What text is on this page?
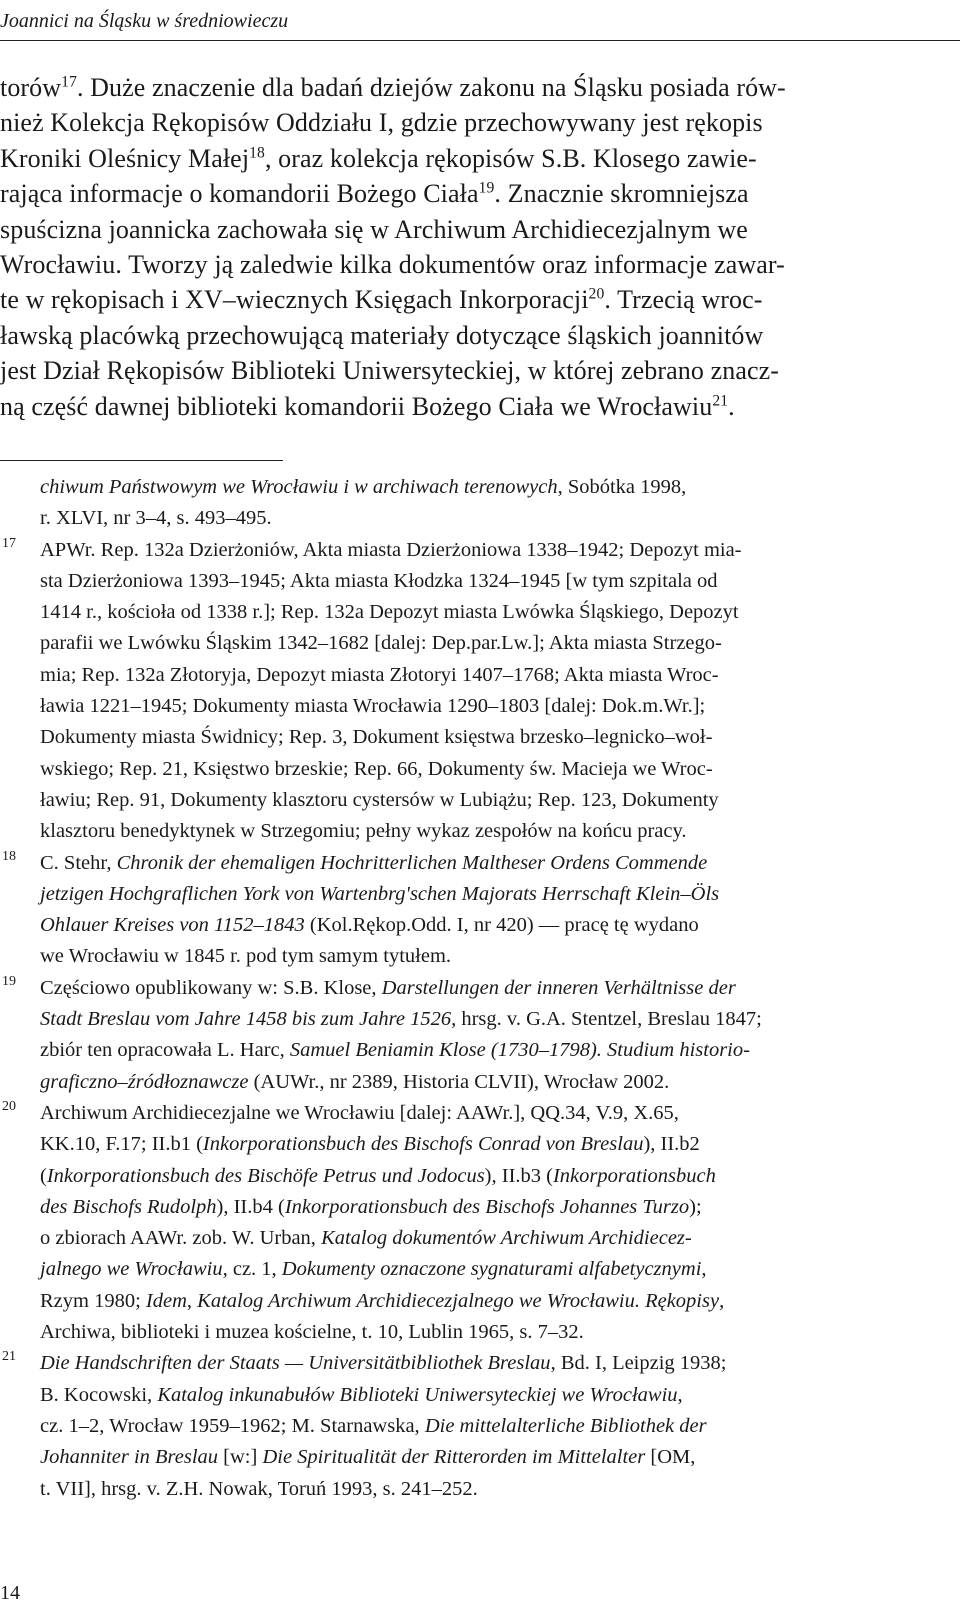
Joannici na Śląsku w średniowieczu
torów$^{17}$. Duże znaczenie dla badań dziejów zakonu na Śląsku posiada rów-
nież Kolekcja Rękopisów Oddziału I, gdzie przechowywany jest rękopis
Kroniki Oleśnicy Małej$^{18}$, oraz kolekcja rękopisów S.B. Klosego zawie-
rająca informacje o komandorii Bożego Ciała$^{19}$. Znacznie skromniejsza
spuścizna joannicka zachowała się w Archiwum Archidiecezjalnym we
Wrocławiu. Tworzy ją zaledwie kilka dokumentów oraz informacje zawar-
te w rękopisach i XV–wiecznych Księgach Inkorporacji$^{20}$. Trzecią wroc-
ławską placówką przechowującą materiały dotyczące śląskich joannitów
jest Dział Rękopisów Biblioteki Uniwersyteckiej, w której zebrano znacz-
ną część dawnej biblioteki komandorii Bożego Ciała we Wrocławiu$^{21}$.
chiwum Państwowym we Wrocławiu i w archiwach terenowych, Sobótka 1998,
r. XLVI, nr 3–4, s. 493–495.
17 APWr. Rep. 132a Dzierżoniów, Akta miasta Dzierżoniowa 1338–1942; Depozyt mia-
sta Dzierżoniowa 1393–1945; Akta miasta Kłodzka 1324–1945 [w tym szpitala od
1414 r., kościoła od 1338 r.]; Rep. 132a Depozyt miasta Lwówka Śląskiego, Depozyt
parafii we Lwówku Śląskim 1342–1682 [dalej: Dep.par.Lw.]; Akta miasta Strzego-
mia; Rep. 132a Złotoryja, Depozyt miasta Złotoryi 1407–1768; Akta miasta Wroc-
ławia 1221–1945; Dokumenty miasta Wrocławia 1290–1803 [dalej: Dok.m.Wr.];
Dokumenty miasta Świdnicy; Rep. 3, Dokument księstwa brzesko–legnicko–woł-
wskiego; Rep. 21, Księstwo brzeskie; Rep. 66, Dokumenty św. Macieja we Wroc-
ławiu; Rep. 91, Dokumenty klasztoru cystersów w Lubiążu; Rep. 123, Dokumenty
klasztoru benedyktynek w Strzegomiu; pełny wykaz zespołów na końcu pracy.
18 C. Stehr, Chronik der ehemaligen Hochritterlichen Maltheser Ordens Commende
jetzigen Hochgraflichen York von Wartenbrg'schen Majorats Herrschaft Klein–Öls
Ohlauer Kreises von 1152–1843 (Kol.Rękop.Odd. I, nr 420) — pracę tę wydano
we Wrocławiu w 1845 r. pod tym samym tytułem.
19 Częściowo opublikowany w: S.B. Klose, Darstellungen der inneren Verhältnisse der
Stadt Breslau vom Jahre 1458 bis zum Jahre 1526, hrsg. v. G.A. Stentzel, Breslau 1847;
zbiór ten opracowała L. Harc, Samuel Beniamin Klose (1730–1798). Studium historio-
graficzno–źródłoznawcze (AUWr., nr 2389, Historia CLVII), Wrocław 2002.
20 Archiwum Archidiecezjalne we Wrocławiu [dalej: AAWr.], QQ.34, V.9, X.65,
KK.10, F.17; II.b1 (Inkorporationsbuch des Bischofs Conrad von Breslau), II.b2
(Inkorporationsbuch des Bischöfe Petrus und Jodocus), II.b3 (Inkorporationsbuch
des Bischofs Rudolph), II.b4 (Inkorporationsbuch des Bischofs Johannes Turzo);
o zbiorach AAWr. zob. W. Urban, Katalog dokumentów Archiwum Archidiecez-
jalnego we Wrocławiu, cz. 1, Dokumenty oznaczone sygnaturami alfabetycznymi,
Rzym 1980; Idem, Katalog Archiwum Archidiecezjalnego we Wrocławiu. Rękopisy,
Archiwa, biblioteki i muzea kościelne, t. 10, Lublin 1965, s. 7–32.
21 Die Handschriften der Staats — Universitätbibliothek Breslau, Bd. I, Leipzig 1938;
B. Kocowski, Katalog inkunabułów Biblioteki Uniwersyteckiej we Wrocławiu,
cz. 1–2, Wrocław 1959–1962; M. Starnawska, Die mittelalterliche Bibliothek der
Johanniter in Breslau [w:] Die Spiritualität der Ritterorden im Mittelalter [OM,
t. VII], hrsg. v. Z.H. Nowak, Toruń 1993, s. 241–252.
14
